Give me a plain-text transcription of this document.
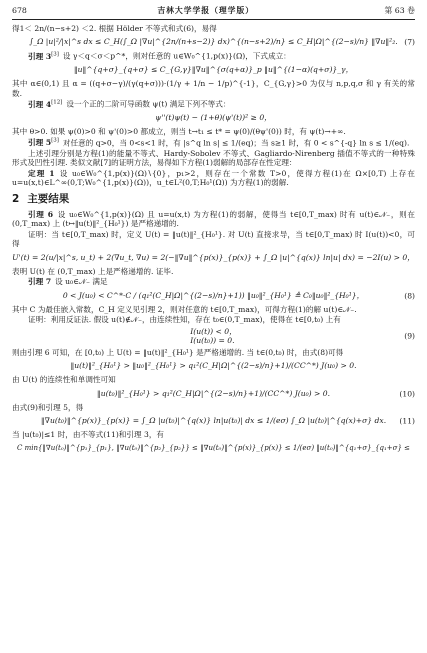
678	吉林大学学报（理学版）	第 63 卷
得1＜ 2n/(n−s+2) ＜2. 根据 Hölder 不等式和式(6)，易得
∫_Ω |u|²/|x|^s dx ≤ C_H(∫_Ω |∇u|^{2n/(n+s−2)} dx)^{(n−s+2)/n} ≤ C_H|Ω|^{(2−s)/n} ‖∇u‖²₂. (7)
引理 3[3] 设 γ＜q＜σ＜p^*，则对任意的 u∈W₀^{1,p(x)}(Ω)，下式成立：
‖u‖^{q+σ}_{q+σ} ≤ C_{G,γ}‖∇u‖^{σ(q+α)}_p ‖u‖^{(1−α)(q+σ)}_γ，
其中 α∈(0,1) 且 α = ((q+σ−γ)/(γ(q+σ)))·(1/γ + 1/n − 1/p)^{-1}，C_{G,γ}>0 为仅与 n,p,q,σ 和 γ 有关的常数.
引理 4[12] 设一个正的二阶可导函数 ψ(t) 满足下列不等式：
ψ''(t)ψ(t) − (1+θ)(ψ'(t))² ≥ 0，
其中 θ>0. 如果 ψ(0)>0 和 ψ'(0)>0 都成立，则当 t→t₁ ≤ t* = ψ(0)/(θψ'(0)) 时，有 ψ(t)→+∞.
引理 5[3] 对任意的 q>0，当 0<s<1 时，有 |s^q ln s| ≤ 1/(eq)；当 s≥1 时，有 0 < s^{-q} ln s ≤ 1/(eq).
上述引理分别是方程(1)的能量不等式、Hardy-Sobolev 不等式、Gagliardo-Nirenberg 插值不等式的一种特殊形式及凹性引理. 类似文献[7]的证明方法，易得如下方程(1)弱解的局部存在性定理：
定理 1 设 u₀∈W₀^{1,p(x)}(Ω)∖{0}，p₁>2，则存在一个常数 T>0，使得方程(1)在 Ω×[0,T) 上存在 u=u(x,t)∈L^∞(0,T;W₀^{1,p(x)}(Ω))，u_t∈L²(0,T;H₀¹(Ω)) 为方程(1)的弱解.
2 主要结果
引理 6 设 u₀∈W₀^{1,p(x)}(Ω) 且 u=u(x,t) 为方程(1)的弱解，使得当 t∈[0,T_max) 时有 u(t)∈𝒩₋，则在 (0,T_max) 上 (t↦‖u(t)‖²_{H₀¹}) 是严格递增的.
证明：当 t∈[0,T_max) 时，定义 U(t) = ‖u(t)‖²_{H₀¹}. 对 U(t) 直接求导，当 t∈[0,T_max) 时 I(u(t))<0，可得
U'(t) = 2(u/|x|^s, u_t) + 2(∇u_t, ∇u) = 2(−‖∇u‖^{p(x)}_{p(x)} + ∫_Ω |u|^{q(x)} ln|u| dx) = −2I(u) > 0，
表明 U(t) 在 (0,T_max) 上是严格递增的. 证毕.
引理 7 设 u₀∈𝒩₋ 满足
0 < J(u₀) < C^*·C / (q₁²(C_H|Ω|^{(2−s)/n}+1)) ‖u₀‖²_{H₀¹} ≜ C₀‖u₀‖²_{H₀¹}，	(8)
其中 C 为最佳嵌入常数，C_H 定义见引理 2，则对任意的 t∈[0,T_max)，可得方程(1)的解 u(t)∈𝒩₋.
证明：利用反证法. 假设 u(t)∉𝒩₋，由连续性知，存在 t₀∈(0,T_max)，使得在 t∈[0,t₀) 上有
I(u(t)) < 0，
I(u(t₀)) = 0.
(9)
则由引理 6 可知，在 [0,t₀) 上 U(t) = ‖u(t)‖²_{H₀¹} 是严格递增的. 当 t∈(0,t₀) 时，由式(8)可得
‖u(t)‖²_{H₀¹} > ‖u₀‖²_{H₀¹} > q₁²(C_H|Ω|^{(2−s)/n}+1)/(CC^*) J(u₀) > 0.
由 U(t) 的连续性和单调性可知
‖u(t₀)‖²_{H₀¹} > q₁²(C_H|Ω|^{(2−s)/n}+1)/(CC^*) J(u₀) > 0.	(10)
由式(9)和引理 5，得
‖∇u(t₀)‖^{p(x)}_{p(x)} = ∫_Ω |u(t₀)|^{q(x)} ln|u(t₀)| dx ≤ 1/(eσ) ∫_Ω |u(t₀)|^{q(x)+σ} dx. (11)
当 |u(t₀)|≤1 时，由不等式(11)和引理 3，有
C min{‖∇u(t₀)‖^{p₁}_{p₁}, ‖∇u(t₀)‖^{p₂}_{p₂}} ≤ ‖∇u(t₀)‖^{p(x)}_{p(x)} ≤ 1/(eσ) ‖u(t₀)‖^{q₁+σ}_{q₁+σ} ≤
